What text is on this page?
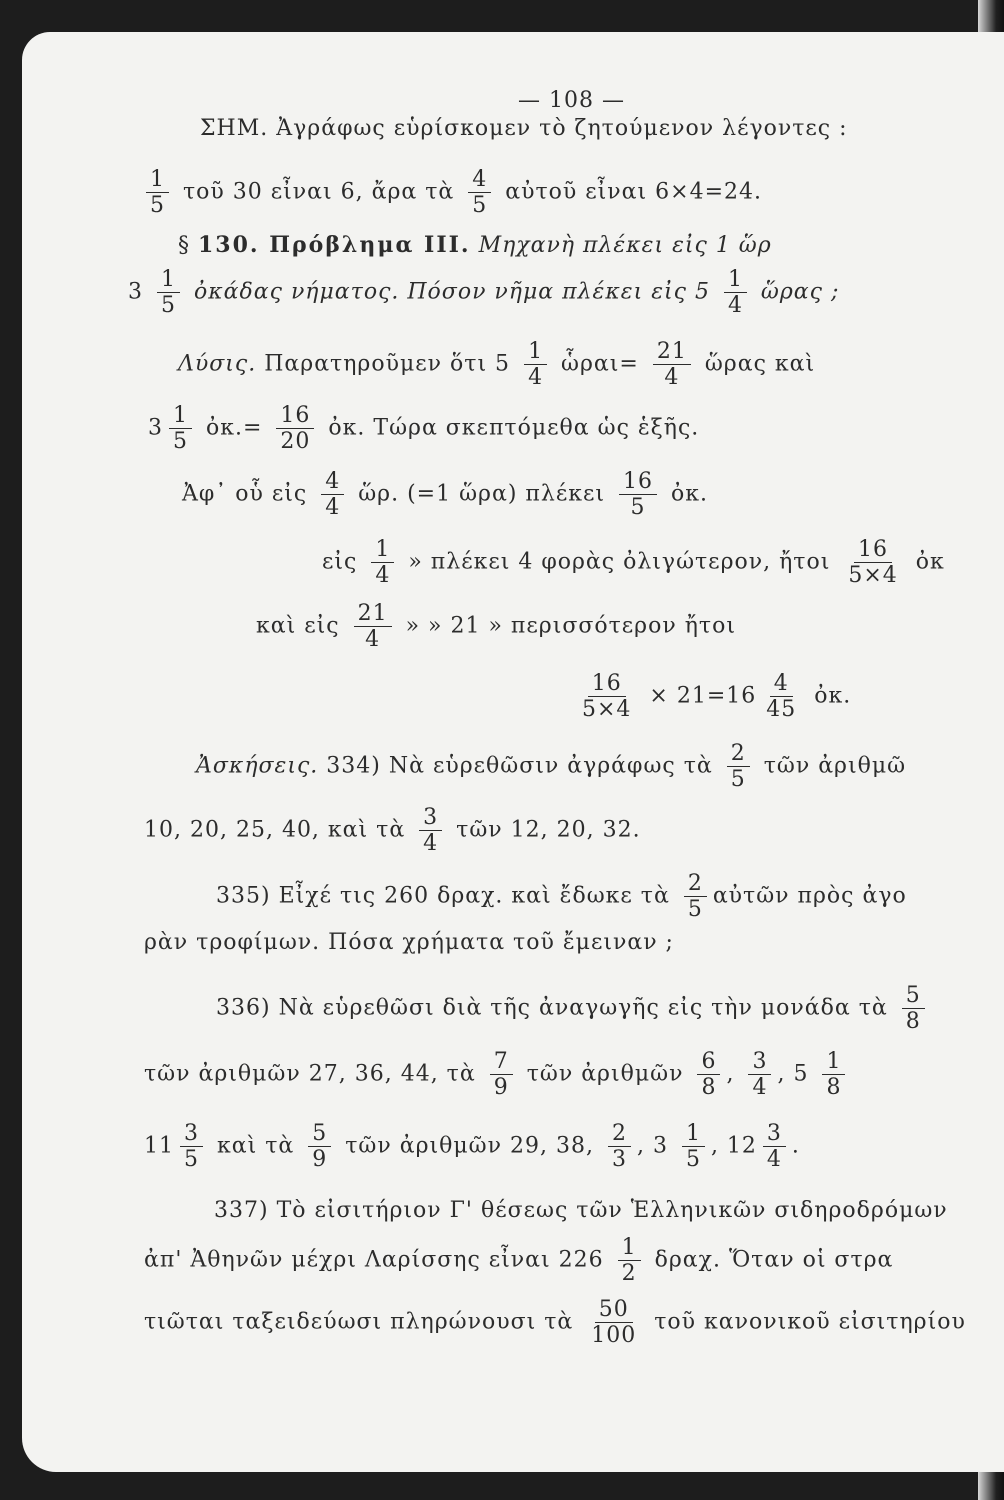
— 108 —
ΣΗΜ. Ἀγράφως εὑρίσκομεν τὸ ζητούμενον λέγοντες :
$\frac{1}{5}$ τοῦ 30 εἶναι 6, ἄρα τὰ $\frac{4}{5}$ αὐτοῦ εἶναι 6×4=24.
§ 130. Πρόβλημα III. Μηχανὴ πλέκει εἰς 1 ὥρ
$3 \frac{1}{5}$ ὀκάδας νήματος. Πόσον νῆμα πλέκει εἰς $5 \frac{1}{4}$ ὥρας ;
Λύσις. Παρατηροῦμεν ὅτι $5 \frac{1}{4}$ ὧραι= $\frac{21}{4}$ ὥρας καὶ
$3 \frac{1}{5}$ ὀκ.= $\frac{16}{20}$ ὀκ. Τώρα σκεπτόμεθα ὡς ἑξῆς.
Ἀφ᾽ οὗ εἰς $\frac{4}{4}$ ὥρ. (=1 ὥρα) πλέκει $\frac{16}{5}$ ὀκ.
εἰς $\frac{1}{4}$ » πλέκει 4 φορὰς ὀλιγώτερον, ἤτοι $\frac{16}{5\times 4}$ ὀκ
καὶ εἰς $\frac{21}{4}$ » » 21 » περισσότερον ἤτοι
$\frac{16}{5\times 4} \times 21=16 \frac{4}{45}$ ὀκ.
Ἀσκήσεις. 334) Νὰ εὑρεθῶσιν ἀγράφως τὰ $\frac{2}{5}$ τῶν ἀριθμῶ
10, 20, 25, 40, καὶ τὰ $\frac{3}{4}$ τῶν 12, 20, 32.
335) Εἶχέ τις 260 δραχ. καὶ ἔδωκε τὰ $\frac{2}{5}$ αὐτῶν πρὸς ἀγο
ρὰν τροφίμων. Πόσα χρήματα τοῦ ἔμειναν ;
336) Νὰ εὑρεθῶσι διὰ τῆς ἀναγωγῆς εἰς τὴν μονάδα τὰ $\frac{5}{8}$
τῶν ἀριθμῶν 27, 36, 44, τὰ $\frac{7}{9}$ τῶν ἀριθμῶν $\frac{6}{8}$ , $\frac{3}{4}$ , $5 \frac{1}{8}$
$11 \frac{3}{5}$ καὶ τὰ $\frac{5}{9}$ τῶν ἀριθμῶν 29, 38, $\frac{2}{3}$ , $3 \frac{1}{5}$ , $12 \frac{3}{4}$ .
337) Τὸ εἰσιτήριον Γ' θέσεως τῶν Ἑλληνικῶν σιδηροδρόμων
ἀπ' Ἀθηνῶν μέχρι Λαρίσσης εἶναι $226 \frac{1}{2} \delta\rho\alpha\chi$. Ὅταν οἱ στρα
τιῶται ταξειδεύωσι πληρώνουσι τὰ $\frac{50}{100}$ τοῦ κανονικοῦ εἰσιτηρίου
